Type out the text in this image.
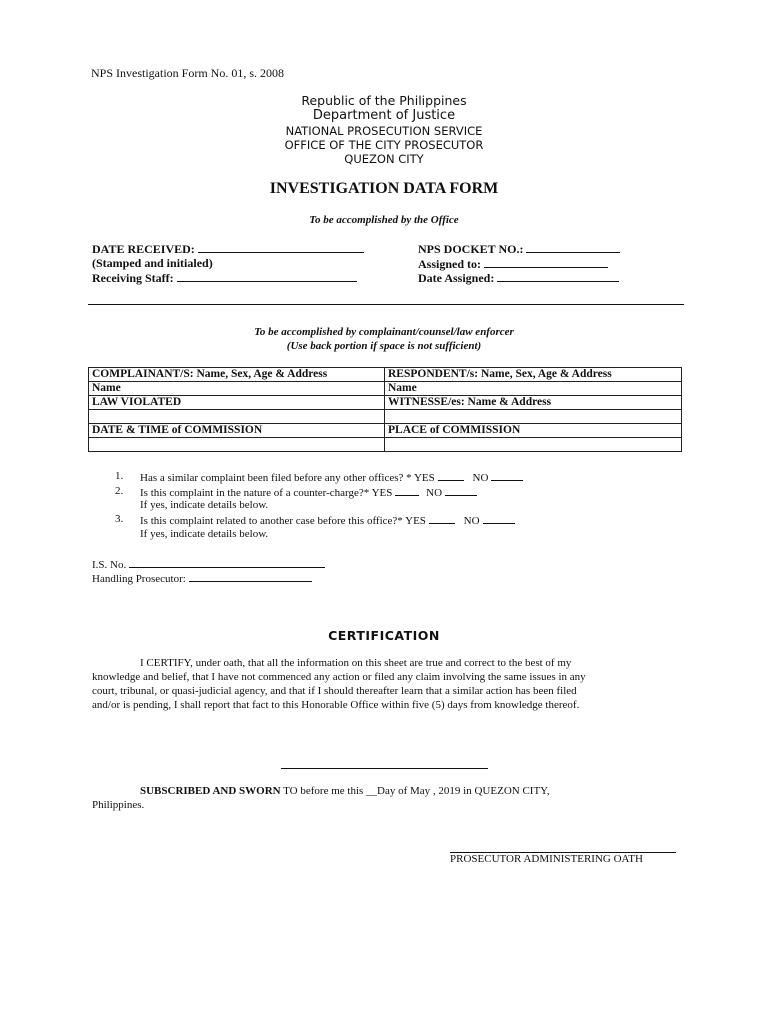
NPS Investigation Form No. 01, s. 2008
Republic of the Philippines
Department of Justice
NATIONAL PROSECUTION SERVICE
OFFICE OF THE CITY PROSECUTOR
QUEZON CITY
INVESTIGATION DATA FORM
To be accomplished by the Office
DATE RECEIVED:
(Stamped and initialed)
Receiving Staff:
NPS DOCKET NO.:
Assigned to:
Date Assigned:
To be accomplished by complainant/counsel/law enforcer
(Use back portion if space is not sufficient)
COMPLAINANT/S: Name, Sex, Age & Address	RESPONDENT/s: Name, Sex, Age & Address
Name	Name
LAW VIOLATED	WITNESSE/es: Name & Address

DATE & TIME of COMMISSION	PLACE of COMMISSION

1. Has a similar complaint been filed before any other offices? * YES	NO
2. Is this complaint in the nature of a counter-charge?* YES	NO
If yes, indicate details below.
3. Is this complaint related to another case before this office?* YES	NO
If yes, indicate details below.
I.S. No.
Handling Prosecutor:
CERTIFICATION
I CERTIFY, under oath, that all the information on this sheet are true and correct to the best of my
knowledge and belief, that I have not commenced any action or filed any claim involving the same issues in any
court, tribunal, or quasi-judicial agency, and that if I should thereafter learn that a similar action has been filed
and/or is pending, I shall report that fact to this Honorable Office within five (5) days from knowledge thereof.
SUBSCRIBED AND SWORN TO before me this __Day of May , 2019 in QUEZON CITY,
Philippines.
PROSECUTOR ADMINISTERING OATH
